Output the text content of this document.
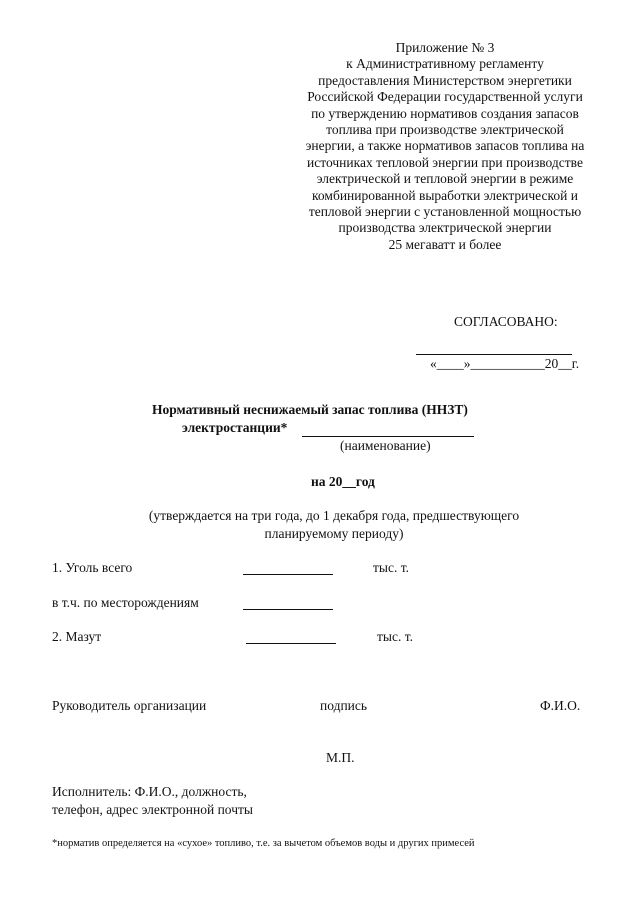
Приложение № 3
к Административному регламенту
предоставления Министерством энергетики
Российской Федерации государственной услуги
по утверждению нормативов создания запасов
топлива при производстве электрической
энергии, а также нормативов запасов топлива на
источниках тепловой энергии при производстве
электрической и тепловой энергии в режиме
комбинированной выработки электрической и
тепловой энергии с установленной мощностью
производства электрической энергии
25 мегаватт и более
СОГЛАСОВАНО:
«____»___________20__г.
Нормативный неснижаемый запас топлива (ННЗТ)
электростанции*
(наименование)
на 20__год
(утверждается на три года, до 1 декабря года, предшествующего
планируемому периоду)
1. Уголь всего	тыс. т.
в т.ч. по месторождениям
2. Мазут	тыс. т.
Руководитель организации	подпись	Ф.И.О.
М.П.
Исполнитель: Ф.И.О., должность,
телефон, адрес электронной почты
*норматив определяется на «сухое» топливо, т.е. за вычетом объемов воды и других примесей
